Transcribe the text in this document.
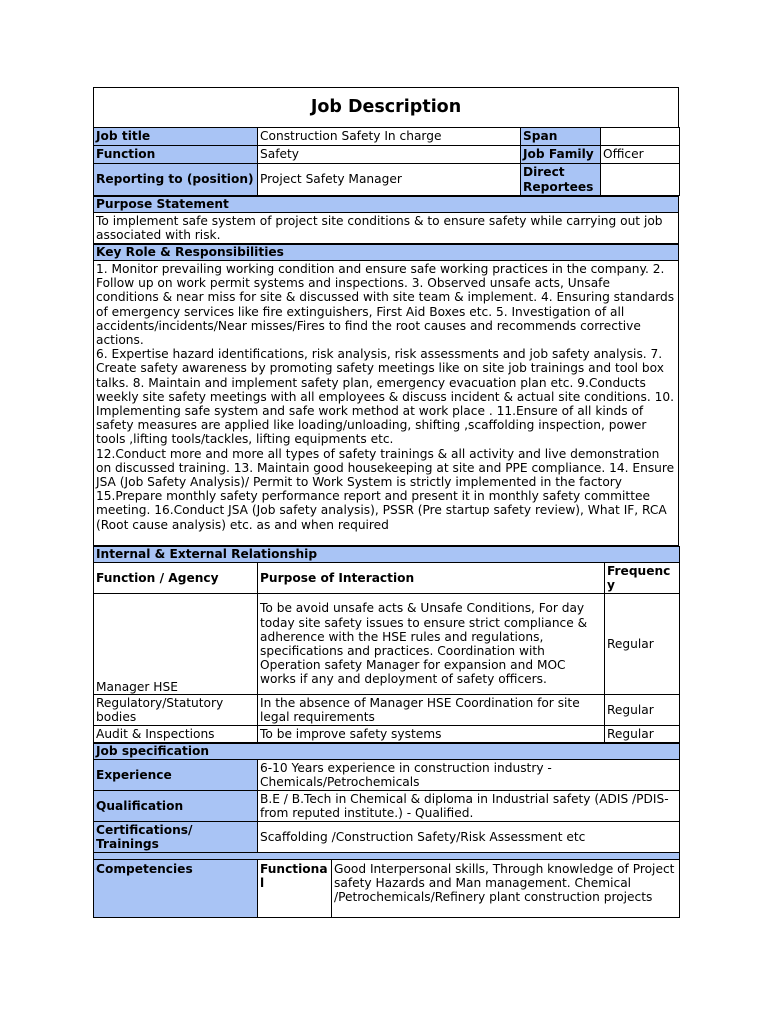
Job Description
Job title	Construction Safety In charge	Span	
Function	Safety	Job Family	Officer
Reporting to (position)	Project Safety Manager	Direct Reportees	
Purpose Statement
To implement safe system of project site conditions & to ensure safety while carrying out job associated with risk.
Key Role & Responsibilities

1. Monitor prevailing working condition and ensure safe working practices in the company. 2. Follow up on work permit systems and inspections. 3. Observed unsafe acts, Unsafe conditions & near miss for site & discussed with site team & implement. 4. Ensuring standards of emergency services like fire extinguishers, First Aid Boxes etc. 5. Investigation of all accidents/incidents/Near misses/Fires to find the root causes and recommends corrective actions.
6. Expertise hazard identifications, risk analysis, risk assessments and job safety analysis. 7. Create safety awareness by promoting safety meetings like on site job trainings and tool box talks. 8. Maintain and implement safety plan, emergency evacuation plan etc. 9.Conducts weekly site safety meetings with all employees & discuss incident & actual site conditions. 10. Implementing safe system and safe work method at work place . 11.Ensure of all kinds of safety measures are applied like loading/unloading, shifting ,scaffolding inspection, power tools ,lifting tools/tackles, lifting equipments etc.
12.Conduct more and more all types of safety trainings & all activity and live demonstration on discussed training. 13. Maintain good housekeeping at site and PPE compliance. 14. Ensure JSA (Job Safety Analysis)/ Permit to Work System is strictly implemented in the factory 15.Prepare monthly safety performance report and present it in monthly safety committee meeting. 16.Conduct JSA (Job safety analysis), PSSR (Pre startup safety review), What IF, RCA (Root cause analysis) etc. as and when required
Internal & External Relationship		
Function / Agency	Purpose of Interaction	Frequency
Manager HSE	To be avoid unsafe acts & Unsafe Conditions, For day today site safety issues to ensure strict compliance & adherence with the HSE rules and regulations, specifications and practices. Coordination with Operation safety Manager for expansion and MOC works if any and deployment of safety officers.	Regular
Regulatory/Statutory bodies	In the absence of Manager HSE Coordination for site legal requirements	Regular
Audit & Inspections	To be improve safety systems	Regular
Job specification		
Experience	6-10 Years experience in construction industry - Chemicals/Petrochemicals	
Qualification	B.E / B.Tech in Chemical & diploma in Industrial safety (ADIS /PDIS- from reputed institute.) - Qualified.	
Certifications/ Trainings	Scaffolding /Construction Safety/Risk Assessment etc	

Competencies	Functional	Good Interpersonal skills, Through knowledge of Project safety Hazards and Man management. Chemical /Petrochemicals/Refinery plant construction projects
